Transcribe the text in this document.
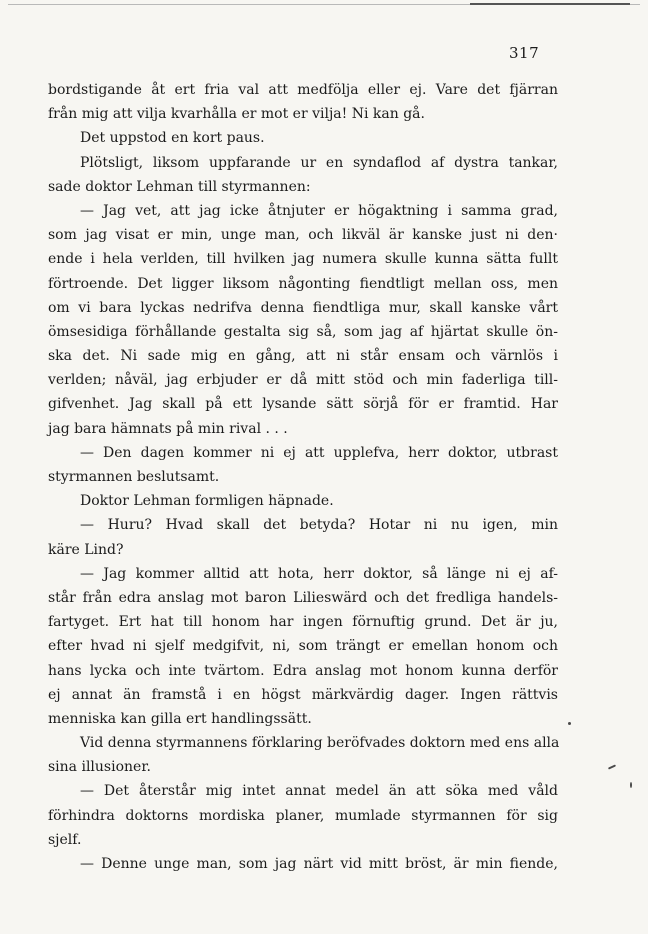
317
bordstigande åt ert fria val att medfölja eller ej. Vare det fjärran
från mig att vilja kvarhålla er mot er vilja! Ni kan gå.
Det uppstod en kort paus.
Plötsligt, liksom uppfarande ur en syndaflod af dystra tankar,
sade doktor Lehman till styrmannen:
— Jag vet, att jag icke åtnjuter er högaktning i samma grad,
som jag visat er min, unge man, och likväl är kanske just ni den·
ende i hela verlden, till hvilken jag numera skulle kunna sätta fullt
förtroende. Det ligger liksom någonting fiendtligt mellan oss, men
om vi bara lyckas nedrifva denna fiendtliga mur, skall kanske vårt
ömsesidiga förhållande gestalta sig så, som jag af hjärtat skulle ön-
ska det. Ni sade mig en gång, att ni står ensam och värnlös i
verlden; nåväl, jag erbjuder er då mitt stöd och min faderliga till-
gifvenhet. Jag skall på ett lysande sätt sörjå för er framtid. Har
jag bara hämnats på min rival . . .
— Den dagen kommer ni ej att upplefva, herr doktor, utbrast
styrmannen beslutsamt.
Doktor Lehman formligen häpnade.
— Huru? Hvad skall det betyda? Hotar ni nu igen, min
käre Lind?
— Jag kommer alltid att hota, herr doktor, så länge ni ej af-
står från edra anslag mot baron Lilieswärd och det fredliga handels-
fartyget. Ert hat till honom har ingen förnuftig grund. Det är ju,
efter hvad ni sjelf medgifvit, ni, som trängt er emellan honom och
hans lycka och inte tvärtom. Edra anslag mot honom kunna derför
ej annat än framstå i en högst märkvärdig dager. Ingen rättvis
menniska kan gilla ert handlingssätt.
Vid denna styrmannens förklaring beröfvades doktorn med ens alla
sina illusioner.
— Det återstår mig intet annat medel än att söka med våld
förhindra doktorns mordiska planer, mumlade styrmannen för sig
sjelf.
— Denne unge man, som jag närt vid mitt bröst, är min fiende,
